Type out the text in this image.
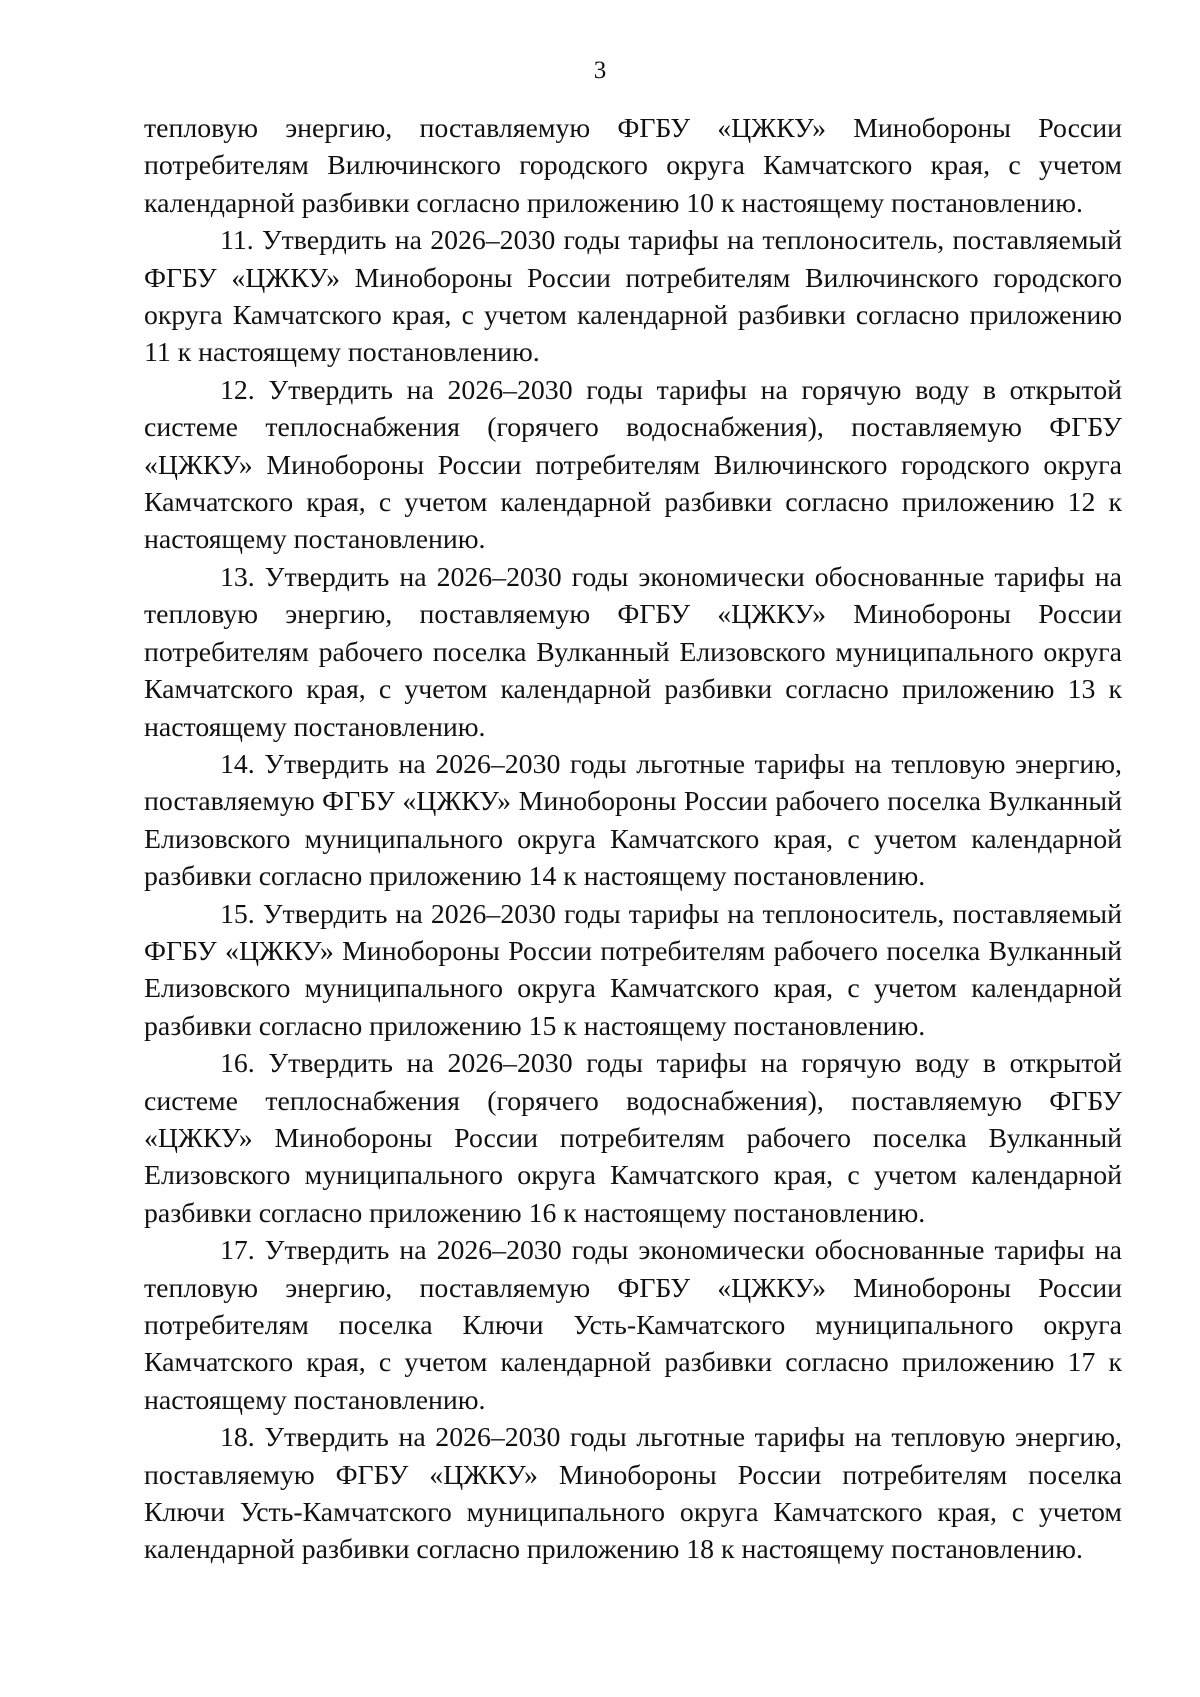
3

тепловую энергию, поставляемую ФГБУ «ЦЖКУ» Минобороны России потребителям Вилючинского городского округа Камчатского края, с учетом календарной разбивки согласно приложению 10 к настоящему постановлению.

11. Утвердить на 2026–2030 годы тарифы на теплоноситель, поставляемый ФГБУ «ЦЖКУ» Минобороны России потребителям Вилючинского городского округа Камчатского края, с учетом календарной разбивки согласно приложению 11 к настоящему постановлению.

12. Утвердить на 2026–2030 годы тарифы на горячую воду в открытой системе теплоснабжения (горячего водоснабжения), поставляемую ФГБУ «ЦЖКУ» Минобороны России потребителям Вилючинского городского округа Камчатского края, с учетом календарной разбивки согласно приложению 12 к настоящему постановлению.

13. Утвердить на 2026–2030 годы экономически обоснованные тарифы на тепловую энергию, поставляемую ФГБУ «ЦЖКУ» Минобороны России потребителям рабочего поселка Вулканный Елизовского муниципального округа Камчатского края, с учетом календарной разбивки согласно приложению 13 к настоящему постановлению.

14. Утвердить на 2026–2030 годы льготные тарифы на тепловую энергию, поставляемую ФГБУ «ЦЖКУ» Минобороны России рабочего поселка Вулканный Елизовского муниципального округа Камчатского края, с учетом календарной разбивки согласно приложению 14 к настоящему постановлению.

15. Утвердить на 2026–2030 годы тарифы на теплоноситель, поставляемый ФГБУ «ЦЖКУ» Минобороны России потребителям рабочего поселка Вулканный Елизовского муниципального округа Камчатского края, с учетом календарной разбивки согласно приложению 15 к настоящему постановлению.

16. Утвердить на 2026–2030 годы тарифы на горячую воду в открытой системе теплоснабжения (горячего водоснабжения), поставляемую ФГБУ «ЦЖКУ» Минобороны России потребителям рабочего поселка Вулканный Елизовского муниципального округа Камчатского края, с учетом календарной разбивки согласно приложению 16 к настоящему постановлению.

17. Утвердить на 2026–2030 годы экономически обоснованные тарифы на тепловую энергию, поставляемую ФГБУ «ЦЖКУ» Минобороны России потребителям поселка Ключи Усть-Камчатского муниципального округа Камчатского края, с учетом календарной разбивки согласно приложению 17 к настоящему постановлению.

18. Утвердить на 2026–2030 годы льготные тарифы на тепловую энергию, поставляемую ФГБУ «ЦЖКУ» Минобороны России потребителям поселка Ключи Усть-Камчатского муниципального округа Камчатского края, с учетом календарной разбивки согласно приложению 18 к настоящему постановлению.
